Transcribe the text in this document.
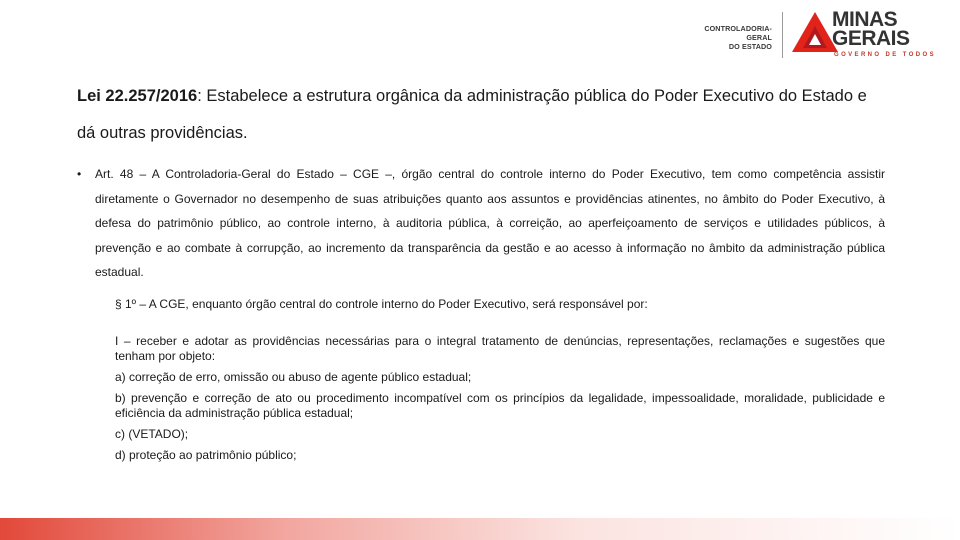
CONTROLADORIA-GERAL
DO ESTADO
MINAS
GERAIS
GOVERNO DE TODOS

Lei 22.257/2016: Estabelece a estrutura orgânica da administração pública do Poder Executivo do Estado e dá outras providências.

• Art. 48 – A Controladoria-Geral do Estado – CGE –, órgão central do controle interno do Poder Executivo, tem como competência assistir diretamente o Governador no desempenho de suas atribuições quanto aos assuntos e providências atinentes, no âmbito do Poder Executivo, à defesa do patrimônio público, ao controle interno, à auditoria pública, à correição, ao aperfeiçoamento de serviços e utilidades públicos, à prevenção e ao combate à corrupção, ao incremento da transparência da gestão e ao acesso à informação no âmbito da administração pública estadual.
§ 1º – A CGE, enquanto órgão central do controle interno do Poder Executivo, será responsável por:
I – receber e adotar as providências necessárias para o integral tratamento de denúncias, representações, reclamações e sugestões que tenham por objeto:
a) correção de erro, omissão ou abuso de agente público estadual;
b) prevenção e correção de ato ou procedimento incompatível com os princípios da legalidade, impessoalidade, moralidade, publicidade e eficiência da administração pública estadual;
c) (VETADO);
d) proteção ao patrimônio público;
